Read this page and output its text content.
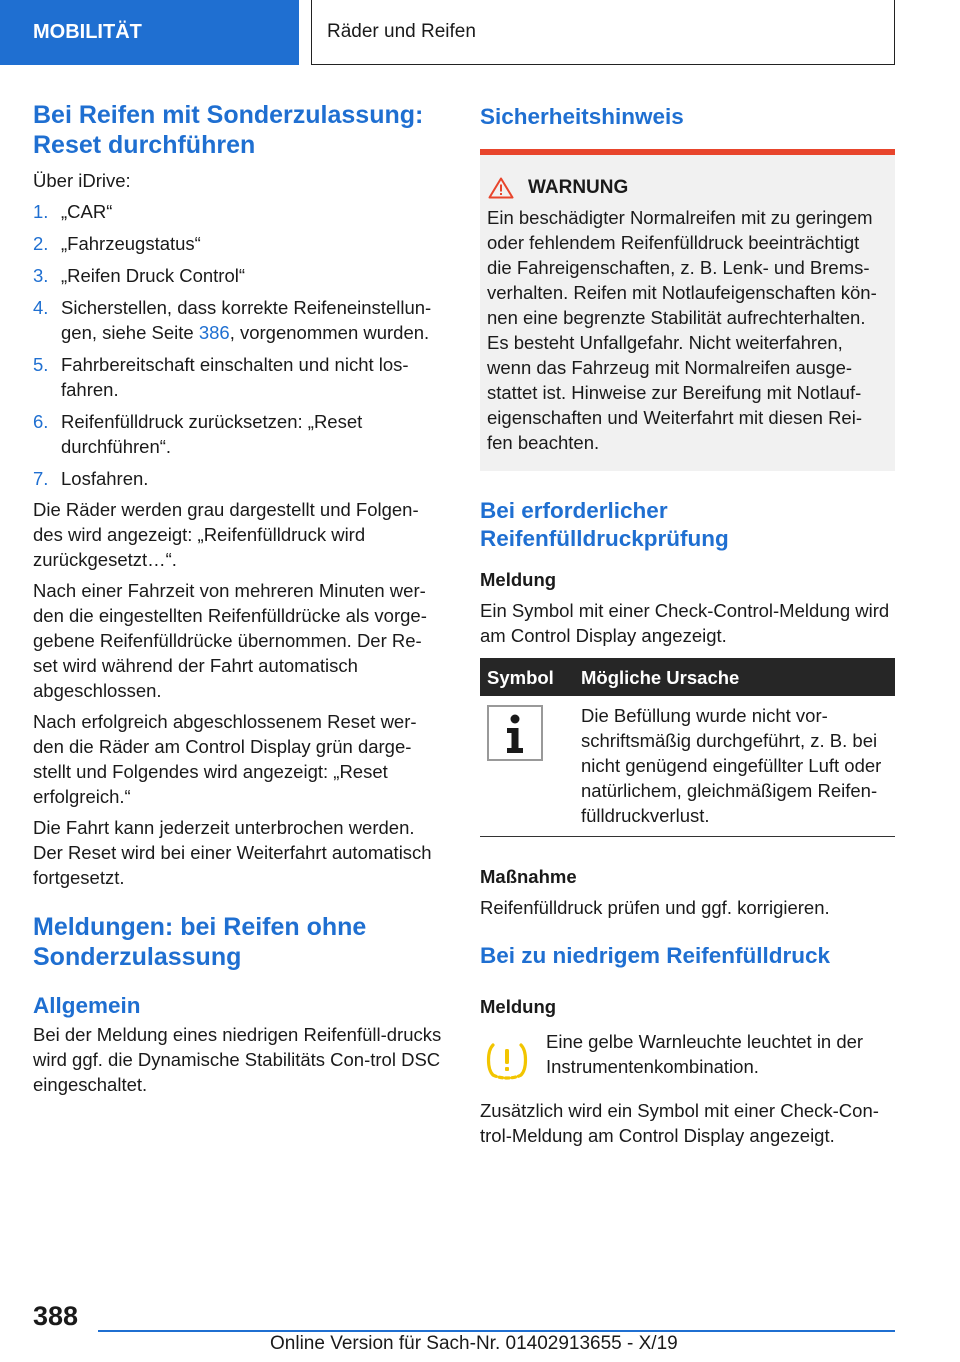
MOBILITÄT	Räder und Reifen
Bei Reifen mit Sonderzulassung: Reset durchführen

Über iDrive:

1. „CAR“
2. „Fahrzeugstatus“
3. „Reifen Druck Control“
4. Sicherstellen, dass korrekte Reifeneinstellun‐gen, siehe Seite 386, vorgenommen wurden.
5. Fahrbereitschaft einschalten und nicht los‐fahren.
6. Reifenfülldruck zurücksetzen: „Reset durchführen“.
7. Losfahren.

Die Räder werden grau dargestellt und Folgen‐des wird angezeigt: „Reifenfülldruck wird zurückgesetzt…“.

Nach einer Fahrzeit von mehreren Minuten wer‐den die eingestellten Reifenfülldrücke als vorge‐gebene Reifenfülldrücke übernommen. Der Re‐set wird während der Fahrt automatisch abgeschlossen.

Nach erfolgreich abgeschlossenem Reset wer‐den die Räder am Control Display grün darge‐stellt und Folgendes wird angezeigt: „Reset erfolgreich.“

Die Fahrt kann jederzeit unterbrochen werden. Der Reset wird bei einer Weiterfahrt automatisch fortgesetzt.

Meldungen: bei Reifen ohne Sonderzulassung
Allgemein

Bei der Meldung eines niedrigen Reifenfüll‐drucks wird ggf. die Dynamische Stabilitäts Con‐trol DSC eingeschaltet.

Sicherheitshinweis
WARNUNG

Ein beschädigter Normalreifen mit zu geringem oder fehlendem Reifenfülldruck beeinträchtigt die Fahreigenschaften, z. B. Lenk- und Brems‐verhalten. Reifen mit Notlaufeigenschaften kön‐nen eine begrenzte Stabilität aufrechterhalten. Es besteht Unfallgefahr. Nicht weiterfahren, wenn das Fahrzeug mit Normalreifen ausge‐stattet ist. Hinweise zur Bereifung mit Notlauf‐eigenschaften und Weiterfahrt mit diesen Rei‐fen beachten.

Bei erforderlicher Reifenfülldruckprüfung

Meldung

Ein Symbol mit einer Check-Control-Meldung wird am Control Display angezeigt.

Symbol	Mögliche Ursache

	Die Befüllung wurde nicht vor‐schriftsmäßig durchgeführt, z. B. bei nicht genügend eingefüllter Luft oder natürlichem, gleichmäßigem Reifen‐fülldruckverlust.

Maßnahme

Reifenfülldruck prüfen und ggf. korrigieren.

Bei zu niedrigem Reifenfülldruck

Meldung

Eine gelbe Warnleuchte leuchtet in der Instrumentenkombination.

Zusätzlich wird ein Symbol mit einer Check-Con‐trol-Meldung am Control Display angezeigt.

388
Online Version für Sach-Nr. 01402913655 - X/19
